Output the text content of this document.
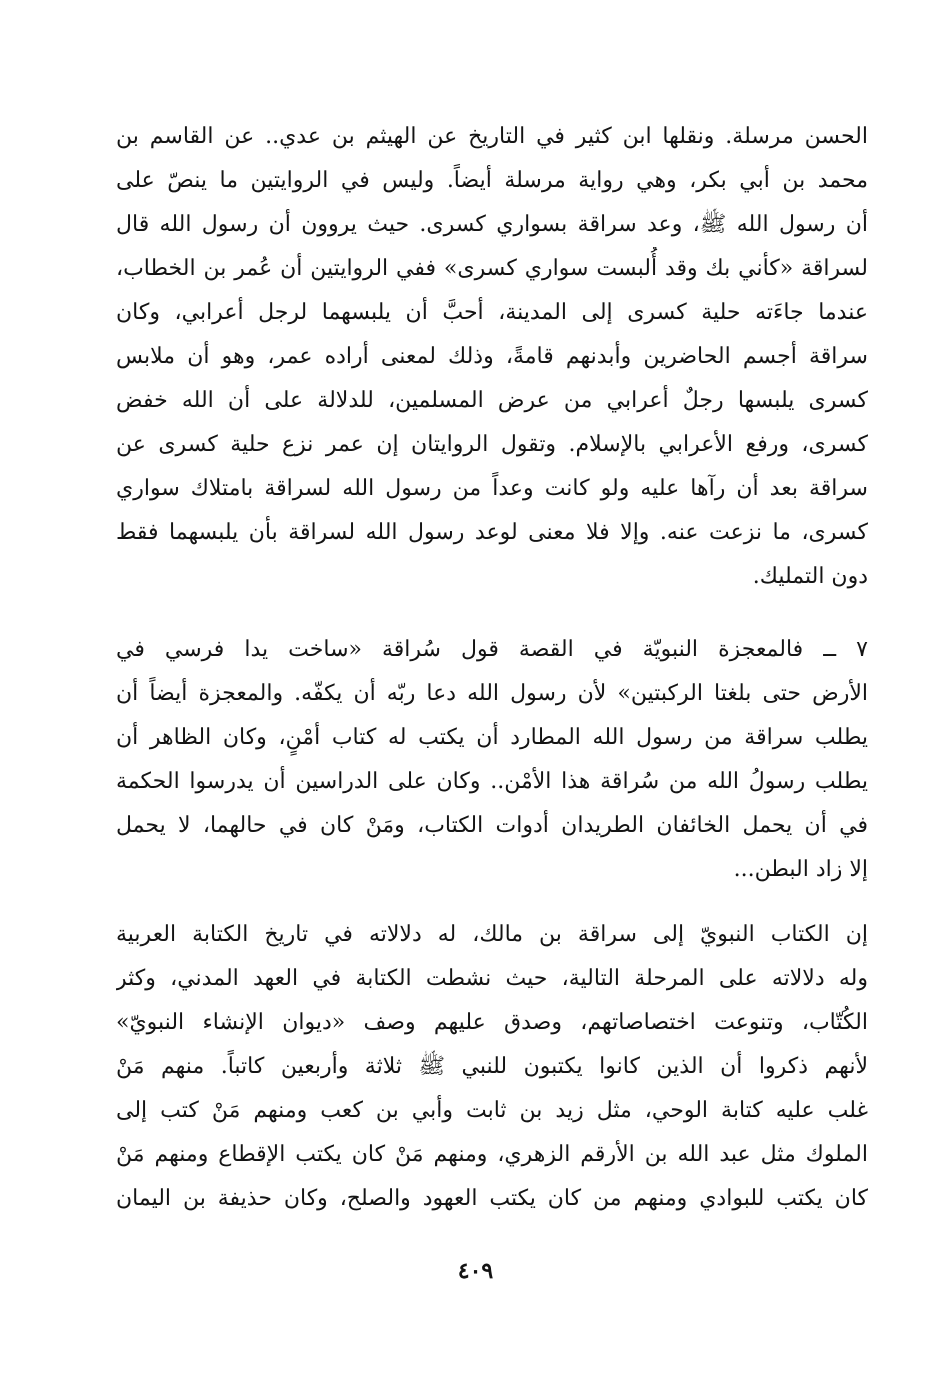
الحسن مرسلة. ونقلها ابن كثير في التاريخ عن الهيثم بن عدي.. عن القاسم بن
محمد بن أبي بكر، وهي رواية مرسلة أيضاً. وليس في الروايتين ما ينصّ على
أن رسول الله ﷺ، وعد سراقة بسواري كسرى. حيث يروون أن رسول الله قال
لسراقة «كأني بك وقد أُلبست سواري كسرى» ففي الروايتين أن عُمر بن الخطاب،
عندما جاءَته حلية كسرى إلى المدينة، أحبَّ أن يلبسهما لرجل أعرابي، وكان
سراقة أجسم الحاضرين وأبدنهم قامةً، وذلك لمعنى أراده عمر، وهو أن ملابس
كسرى يلبسها رجلٌ أعرابي من عرض المسلمين، للدلالة على أن الله خفض
كسرى، ورفع الأعرابي بالإسلام. وتقول الروايتان إن عمر نزع حلية كسرى عن
سراقة بعد أن رآها عليه ولو كانت وعداً من رسول الله لسراقة بامتلاك سواري
كسرى، ما نزعت عنه. وإلا فلا معنى لوعد رسول الله لسراقة بأن يلبسهما فقط
دون التمليك.
٧ ــ فالمعجزة النبويّة في القصة قول سُراقة «ساخت يدا فرسي في
الأرض حتى بلغتا الركبتين» لأن رسول الله دعا ربّه أن يكفّه. والمعجزة أيضاً أن
يطلب سراقة من رسول الله المطارد أن يكتب له كتاب أمْنٍ، وكان الظاهر أن
يطلب رسولُ الله من سُراقة هذا الأمْن.. وكان على الدراسين أن يدرسوا الحكمة
في أن يحمل الخائفان الطريدان أدوات الكتاب، ومَنْ كان في حالهما، لا يحمل
إلا زاد البطن...
إن الكتاب النبويّ إلى سراقة بن مالك، له دلالاته في تاريخ الكتابة العربية
وله دلالاته على المرحلة التالية، حيث نشطت الكتابة في العهد المدني، وكثر
الكُتّاب، وتنوعت اختصاصاتهم، وصدق عليهم وصف «ديوان الإنشاء النبويّ»
لأنهم ذكروا أن الذين كانوا يكتبون للنبي ﷺ ثلاثة وأربعين كاتباً. منهم مَنْ
غلب عليه كتابة الوحي، مثل زيد بن ثابت وأبي بن كعب ومنهم مَنْ كتب إلى
الملوك مثل عبد الله بن الأرقم الزهري، ومنهم مَنْ كان يكتب الإقطاع ومنهم مَنْ
كان يكتب للبوادي ومنهم من كان يكتب العهود والصلح، وكان حذيفة بن اليمان
٤٠٩
